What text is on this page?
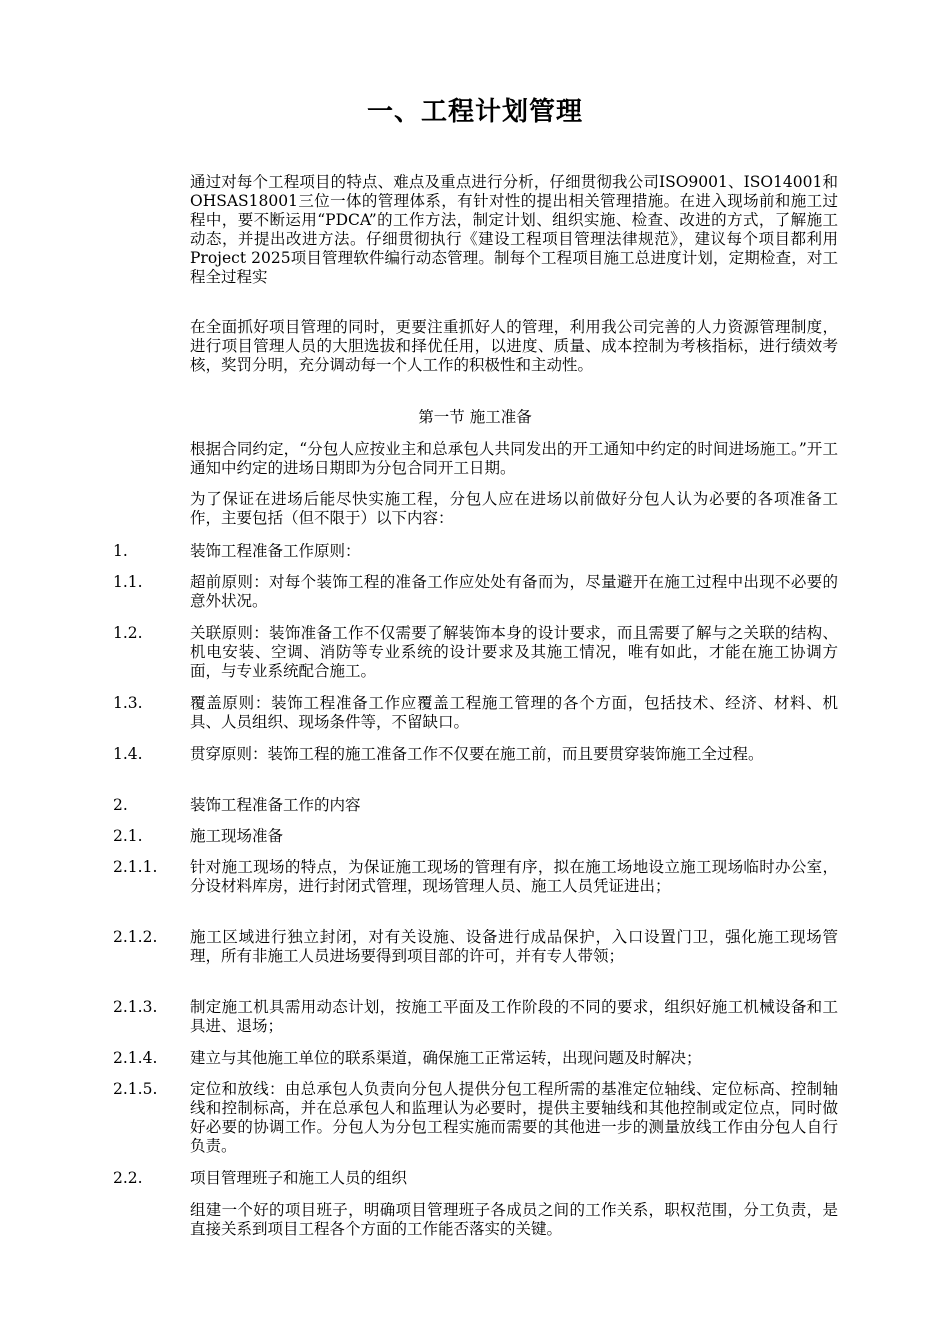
一、工程计划管理
通过对每个工程项目的特点、难点及重点进行分析，仔细贯彻我公司ISO9001、ISO14001和OHSAS18001三位一体的管理体系，有针对性的提出相关管理措施。在进入现场前和施工过程中，要不断运用“PDCA”的工作方法，制定计划、组织实施、检查、改进的方式，了解施工动态，并提出改进方法。仔细贯彻执行《建设工程项目管理法律规范》，建议每个项目都利用Project 2025项目管理软件编行动态管理。制每个工程项目施工总进度计划，定期检查，对工程全过程实
在全面抓好项目管理的同时，更要注重抓好人的管理，利用我公司完善的人力资源管理制度，进行项目管理人员的大胆选拔和择优任用，以进度、质量、成本控制为考核指标，进行绩效考核，奖罚分明，充分调动每一个人工作的积极性和主动性。
第一节 施工准备
根据合同约定，“分包人应按业主和总承包人共同发出的开工通知中约定的时间进场施工。”开工通知中约定的进场日期即为分包合同开工日期。
为了保证在进场后能尽快实施工程，分包人应在进场以前做好分包人认为必要的各项准备工作，主要包括（但不限于）以下内容：
1.	装饰工程准备工作原则：
1.1.	超前原则：对每个装饰工程的准备工作应处处有备而为，尽量避开在施工过程中出现不必要的意外状况。
1.2.	关联原则：装饰准备工作不仅需要了解装饰本身的设计要求，而且需要了解与之关联的结构、机电安装、空调、消防等专业系统的设计要求及其施工情况，唯有如此，才能在施工协调方面，与专业系统配合施工。
1.3.	覆盖原则：装饰工程准备工作应覆盖工程施工管理的各个方面，包括技术、经济、材料、机具、人员组织、现场条件等，不留缺口。
1.4.	贯穿原则：装饰工程的施工准备工作不仅要在施工前，而且要贯穿装饰施工全过程。
2.	装饰工程准备工作的内容
2.1.	施工现场准备
2.1.1.	针对施工现场的特点，为保证施工现场的管理有序，拟在施工场地设立施工现场临时办公室，分设材料库房，进行封闭式管理，现场管理人员、施工人员凭证进出；
2.1.2.	施工区域进行独立封闭，对有关设施、设备进行成品保护，入口设置门卫，强化施工现场管理，所有非施工人员进场要得到项目部的许可，并有专人带领；
2.1.3.	制定施工机具需用动态计划，按施工平面及工作阶段的不同的要求，组织好施工机械设备和工具进、退场；
2.1.4.	建立与其他施工单位的联系渠道，确保施工正常运转，出现问题及时解决；
2.1.5.	定位和放线：由总承包人负责向分包人提供分包工程所需的基准定位轴线、定位标高、控制轴线和控制标高，并在总承包人和监理认为必要时，提供主要轴线和其他控制或定位点，同时做好必要的协调工作。分包人为分包工程实施而需要的其他进一步的测量放线工作由分包人自行负责。
2.2.	项目管理班子和施工人员的组织
组建一个好的项目班子，明确项目管理班子各成员之间的工作关系，职权范围，分工负责，是直接关系到项目工程各个方面的工作能否落实的关键。
